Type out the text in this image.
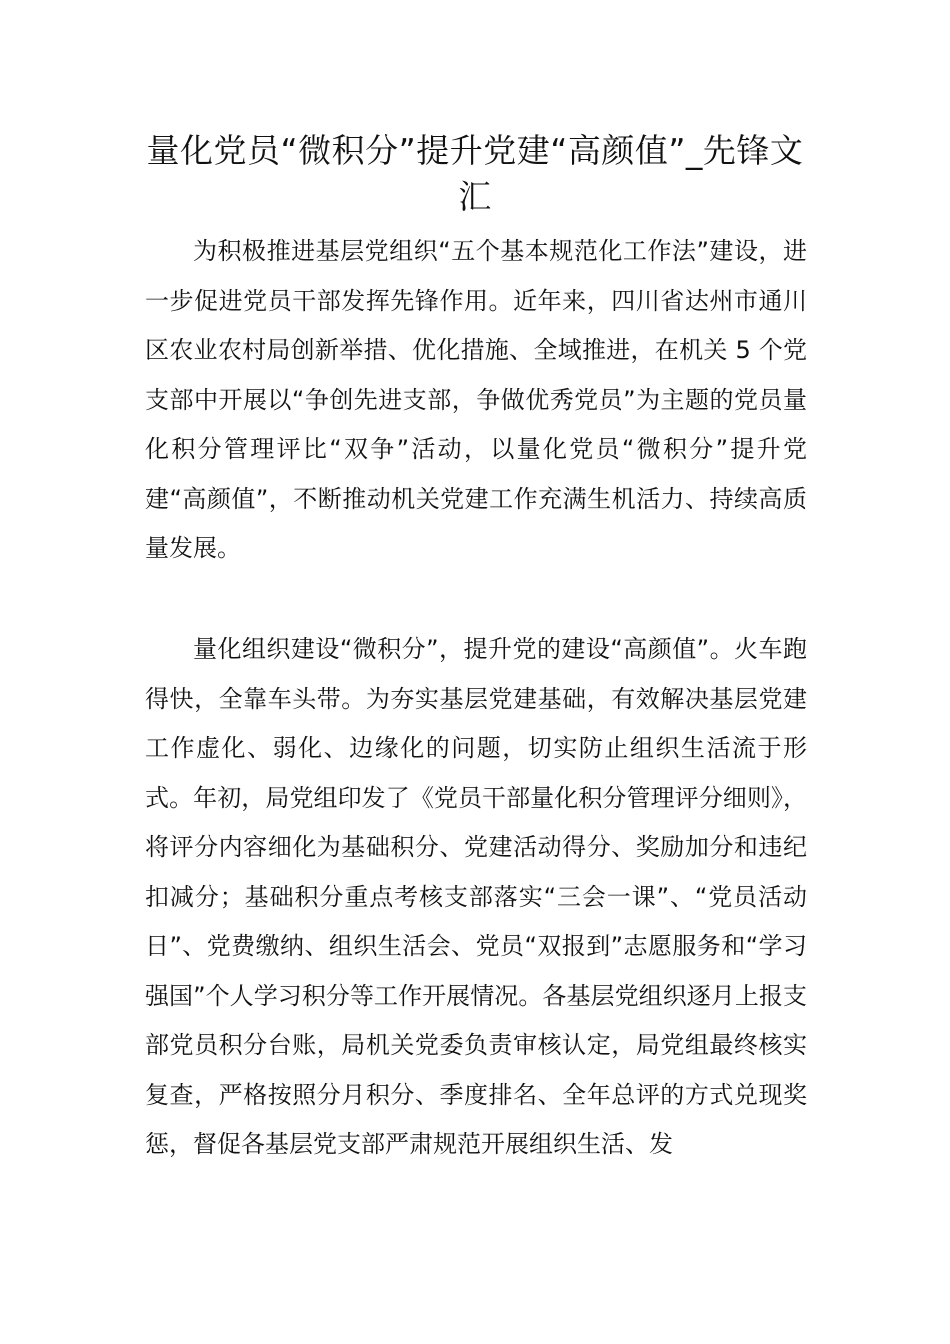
量化党员“微积分”提升党建“高颜值”_先锋文汇

为积极推进基层党组织“五个基本规范化工作法”建设，进一步促进党员干部发挥先锋作用。近年来，四川省达州市通川区农业农村局创新举措、优化措施、全域推进，在机关 5 个党支部中开展以“争创先进支部，争做优秀党员”为主题的党员量化积分管理评比“双争”活动，以量化党员“微积分”提升党建“高颜值”，不断推动机关党建工作充满生机活力、持续高质量发展。

量化组织建设“微积分”，提升党的建设“高颜值”。火车跑得快，全靠车头带。为夯实基层党建基础，有效解决基层党建工作虚化、弱化、边缘化的问题，切实防止组织生活流于形式。年初，局党组印发了《党员干部量化积分管理评分细则》，将评分内容细化为基础积分、党建活动得分、奖励加分和违纪扣减分；基础积分重点考核支部落实“三会一课”、“党员活动日”、党费缴纳、组织生活会、党员“双报到”志愿服务和“学习强国”个人学习积分等工作开展情况。各基层党组织逐月上报支部党员积分台账，局机关党委负责审核认定，局党组最终核实复查，严格按照分月积分、季度排名、全年总评的方式兑现奖惩，督促各基层党支部严肃规范开展组织生活、发
